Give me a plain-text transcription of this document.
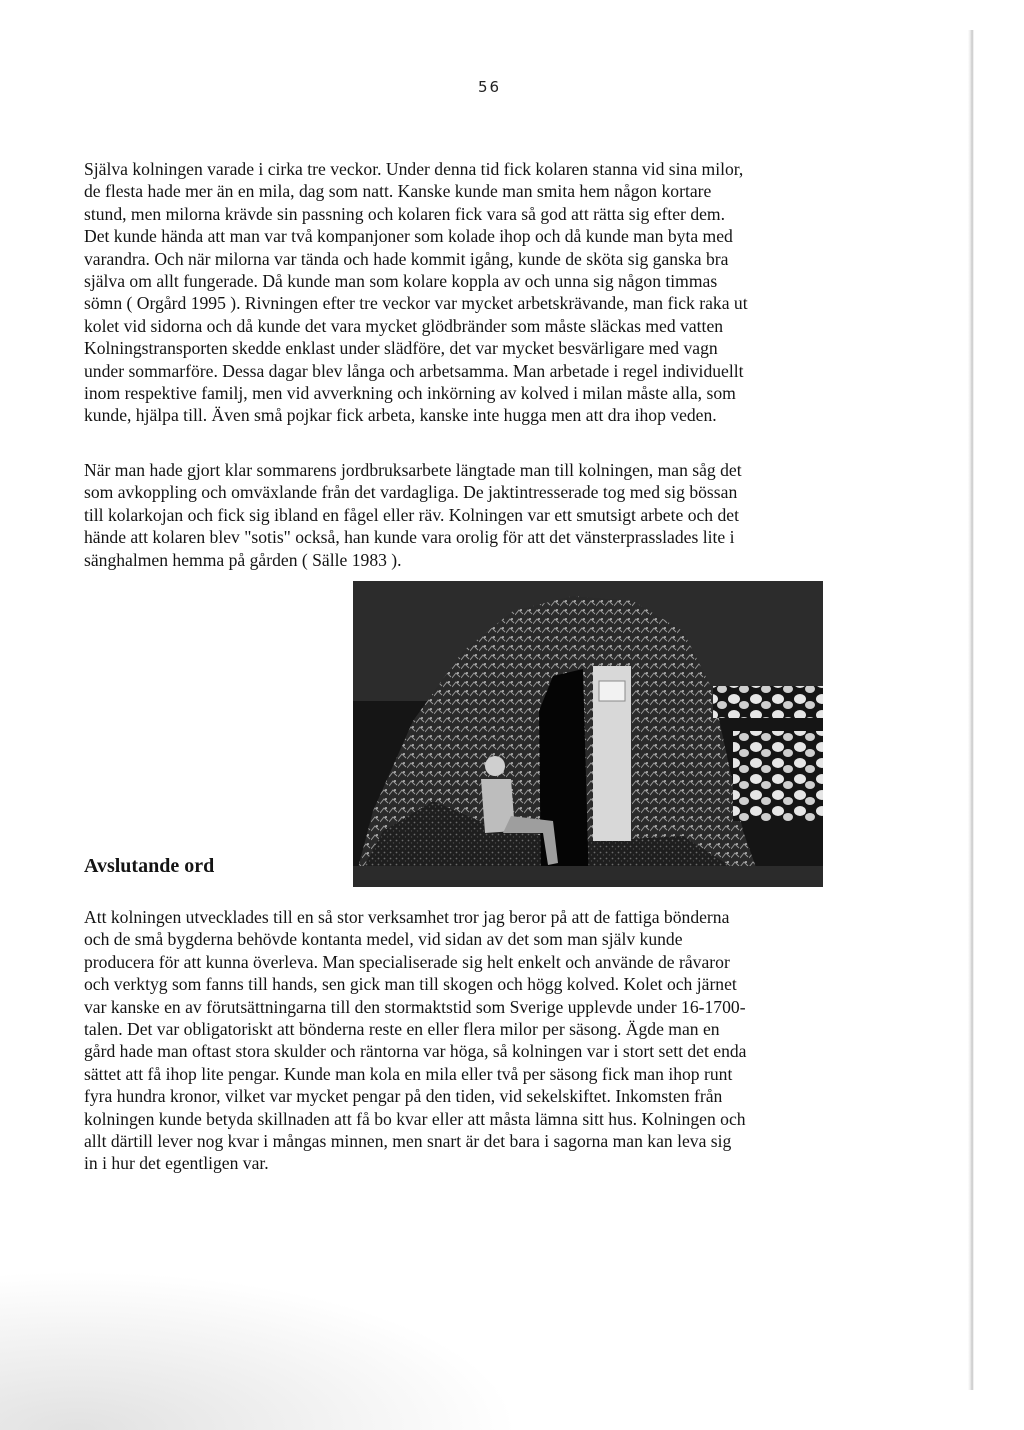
56
Själva kolningen varade i cirka tre veckor. Under denna tid fick kolaren stanna vid sina milor,
de flesta hade mer än en mila, dag som natt. Kanske kunde man smita hem någon kortare
stund, men milorna krävde sin passning och kolaren fick vara så god att rätta sig efter dem.
Det kunde hända att man var två kompanjoner som kolade ihop och då kunde man byta med
varandra. Och när milorna var tända och hade kommit igång, kunde de sköta sig ganska bra
själva om allt fungerade. Då kunde man som kolare koppla av och unna sig någon timmas
sömn ( Orgård 1995 ). Rivningen efter tre veckor var mycket arbetskrävande, man fick raka ut
kolet vid sidorna och då kunde det vara mycket glödbränder som måste släckas med vatten
Kolningstransporten skedde enklast under slädföre, det var mycket besvärligare med vagn
under sommarföre. Dessa dagar blev långa och arbetsamma. Man arbetade i regel individuellt
inom respektive familj, men vid avverkning och inkörning av kolved i milan måste alla, som
kunde, hjälpa till. Även små pojkar fick arbeta, kanske inte hugga men att dra ihop veden.
När man hade gjort klar sommarens jordbruksarbete längtade man till kolningen, man såg det
som avkoppling och omväxlande från det vardagliga. De jaktintresserade tog med sig bössan
till kolarkojan och fick sig ibland en fågel eller räv. Kolningen var ett smutsigt arbete och det
hände att kolaren blev "sotis" också, han kunde vara orolig för att det vänsterprasslades lite i
sänghalmen hemma på gården ( Sälle 1983 ).
Avslutande ord
Att kolningen utvecklades till en så stor verksamhet tror jag beror på att de fattiga bönderna
och de små bygderna behövde kontanta medel, vid sidan av det som man själv kunde
producera för att kunna överleva. Man specialiserade sig helt enkelt och använde de råvaror
och verktyg som fanns till hands, sen gick man till skogen och högg kolved. Kolet och järnet
var kanske en av förutsättningarna till den stormaktstid som Sverige upplevde under 16-1700-
talen. Det var obligatoriskt att bönderna reste en eller flera milor per säsong. Ägde man en
gård hade man oftast stora skulder och räntorna var höga, så kolningen var i stort sett det enda
sättet att få ihop lite pengar. Kunde man kola en mila eller två per säsong fick man ihop runt
fyra hundra kronor, vilket var mycket pengar på den tiden, vid sekelskiftet. Inkomsten från
kolningen kunde betyda skillnaden att få bo kvar eller att måsta lämna sitt hus. Kolningen och
allt därtill lever nog kvar i mångas minnen, men snart är det bara i sagorna man kan leva sig
in i hur det egentligen var.
